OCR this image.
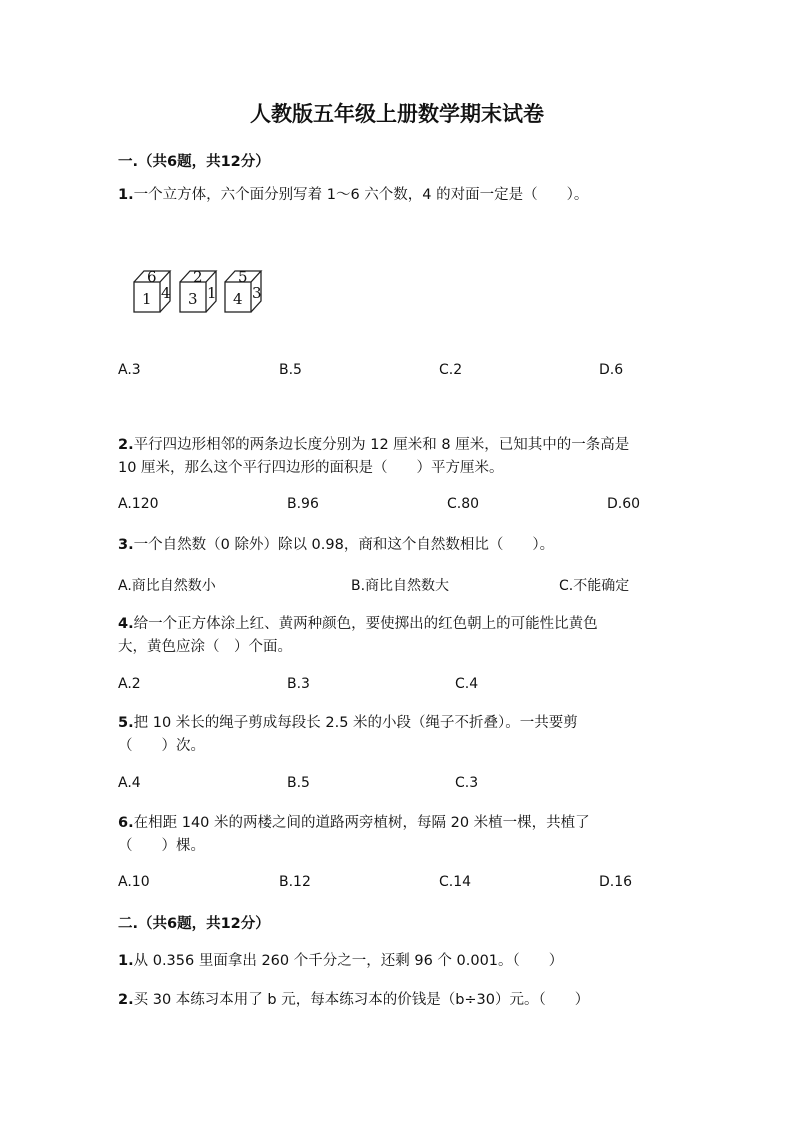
人教版五年级上册数学期末试卷
一.（共6题，共12分）
1.一个立方体，六个面分别写着 1～6 六个数，4 的对面一定是（　　）。
6
1 4
2
3 1
5
4 3
A.3	B.5	C.2	D.6
2.平行四边形相邻的两条边长度分别为 12 厘米和 8 厘米，已知其中的一条高是
10 厘米，那么这个平行四边形的面积是（　　）平方厘米。
A.120	B.96	C.80	D.60
3.一个自然数（0 除外）除以 0.98，商和这个自然数相比（　　）。
A.商比自然数小	B.商比自然数大	C.不能确定
4.给一个正方体涂上红、黄两种颜色，要使掷出的红色朝上的可能性比黄色
大，黄色应涂（　）个面。
A.2	B.3	C.4
5.把 10 米长的绳子剪成每段长 2.5 米的小段（绳子不折叠）。一共要剪
（　　）次。
A.4	B.5	C.3
6.在相距 140 米的两楼之间的道路两旁植树，每隔 20 米植一棵，共植了
（　　）棵。
A.10	B.12	C.14	D.16
二.（共6题，共12分）
1.从 0.356 里面拿出 260 个千分之一，还剩 96 个 0.001。（　　）
2.买 30 本练习本用了 b 元，每本练习本的价钱是（b÷30）元。（　　）
